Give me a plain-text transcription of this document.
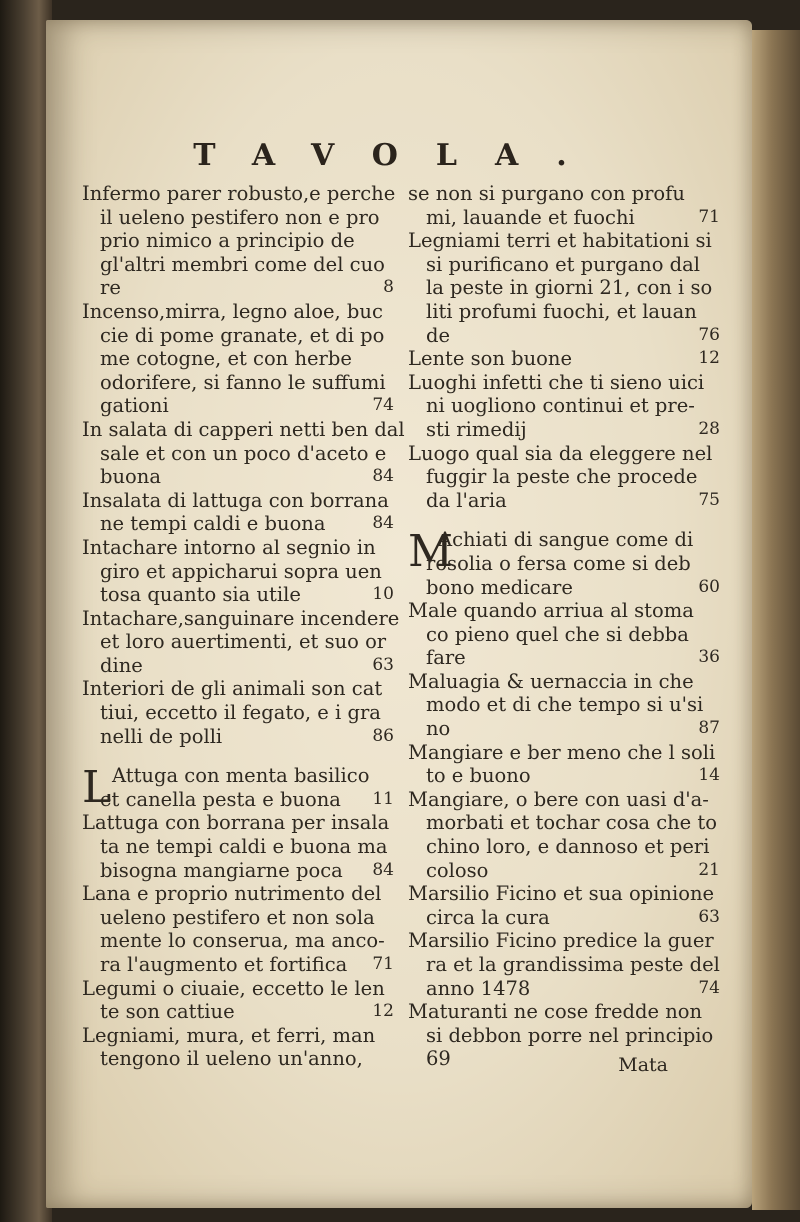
TAVOLA.
Infermo parer robusto,e perche
il ueleno pestifero non e pro
prio nimico a principio de
gl'altri membri come del cuo
re	8
Incenso,mirra, legno aloe, buc
cie di pome granate, et di po
me cotogne, et con herbe
odorifere, si fanno le suffumi
gationi	74
In salata di capperi netti ben dal
sale et con un poco d'aceto e
buona	84
Insalata di lattuga con borrana
ne tempi caldi e buona	84
Intachare intorno al segnio in
giro et appicharui sopra uen
tosa quanto sia utile	10
Intachare,sanguinare incendere
et loro auertimenti, et suo or
dine	63
Interiori de gli animali son cat
tiui, eccetto il fegato, e i gra
nelli de polli	86
L Attuga con menta basilico
et canella pesta e buona 11
Lattuga con borrana per insala
ta ne tempi caldi e buona ma
bisogna mangiarne poca 84
Lana e proprio nutrimento del
ueleno pestifero et non sola
mente lo conserua, ma anco-
ra l'augmento et fortifica 71
Legumi o ciuaie, eccetto le len
te son cattiue	12
Legniami, mura, et ferri, man
tengono il ueleno un'anno,
se non si purgano con profu
mi, lauande et fuochi	71
Legniami terri et habitationi si
si purificano et purgano dal
la peste in giorni 21, con i so
liti profumi fuochi, et lauan
de	76
Lente son buone	12
Luoghi infetti che ti sieno uici
ni uogliono continui et pre-
sti rimedij	28
Luogo qual sia da eleggere nel
fuggir la peste che procede
da l'aria	75
M
Achiati di sangue come di
rosolia o fersa come si deb
bono medicare	60
Male quando arriua al stoma
co pieno quel che si debba
fare	36
Maluagia & uernaccia in che
modo et di che tempo si u'si
no	87
Mangiare e ber meno che l soli
to e buono	14
Mangiare, o bere con uasi d'a-
morbati et tochar cosa che to
chino loro, e dannoso et peri
coloso	21
Marsilio Ficino et sua opinione
circa la cura	63
Marsilio Ficino predice la guer
ra et la grandissima peste del
anno 1478	74
Maturanti ne cose fredde non
si debbon porre nel principio
69	Mata
